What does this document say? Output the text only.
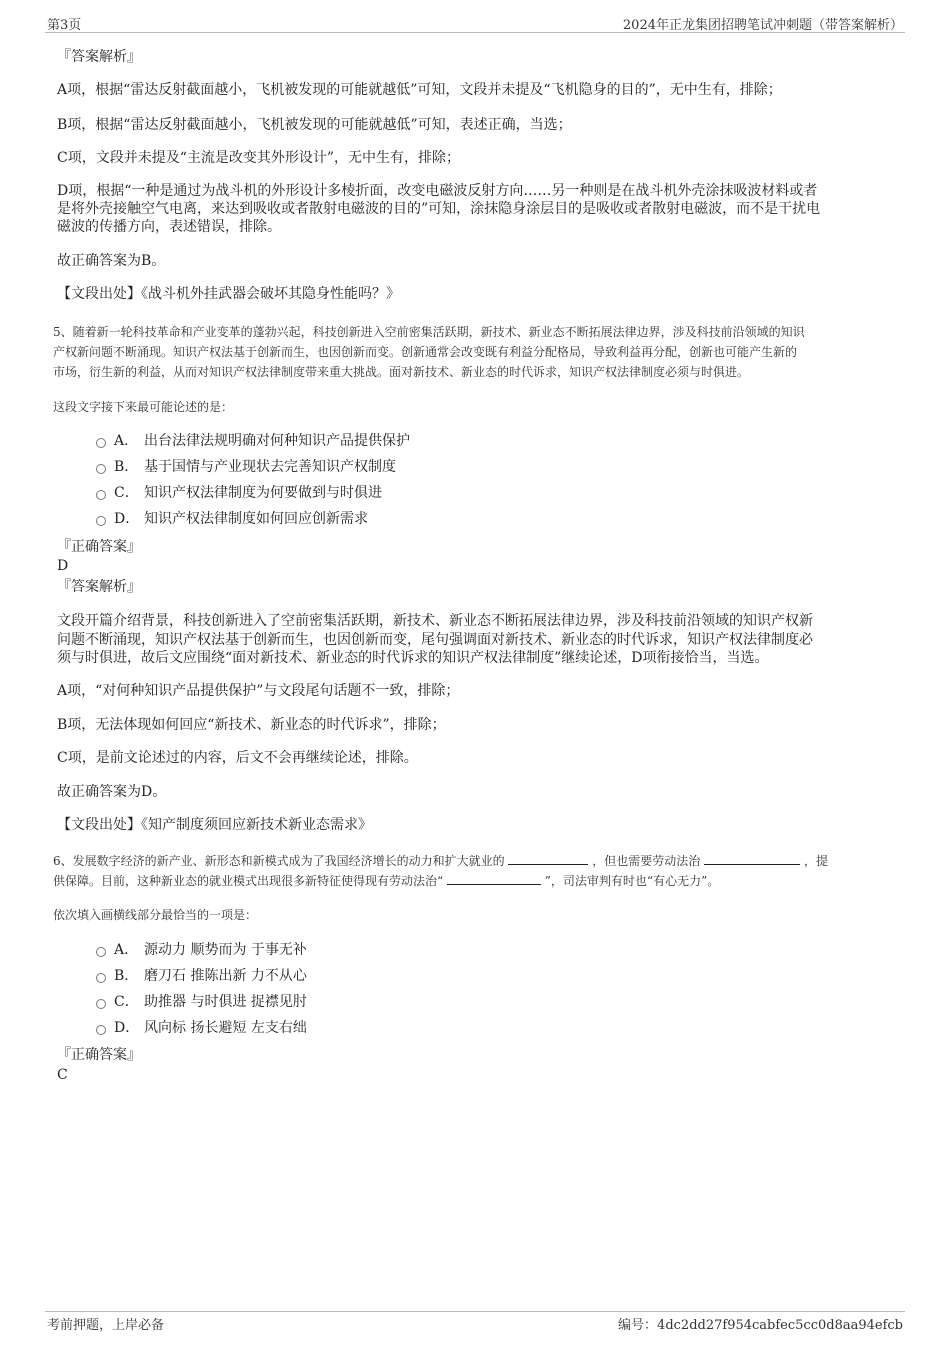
第3页	2024年正龙集团招聘笔试冲刺题（带答案解析）
『答案解析』
A项，根据“雷达反射截面越小，飞机被发现的可能就越低”可知，文段并未提及“飞机隐身的目的”，无中生有，排除；
B项，根据“雷达反射截面越小，飞机被发现的可能就越低”可知，表述正确，当选；
C项，文段并未提及“主流是改变其外形设计”，无中生有，排除；
D项，根据“一种是通过为战斗机的外形设计多棱折面，改变电磁波反射方向……另一种则是在战斗机外壳涂抹吸波材料或者
是将外壳接触空气电离，来达到吸收或者散射电磁波的目的”可知，涂抹隐身涂层目的是吸收或者散射电磁波，而不是干扰电
磁波的传播方向，表述错误，排除。
故正确答案为B。
【文段出处】《战斗机外挂武器会破坏其隐身性能吗？》
5、随着新一轮科技革命和产业变革的蓬勃兴起，科技创新进入空前密集活跃期，新技术、新业态不断拓展法律边界，涉及科技前沿领域的知识
产权新问题不断涌现。知识产权法基于创新而生，也因创新而变。创新通常会改变既有利益分配格局，导致利益再分配，创新也可能产生新的
市场，衍生新的利益，从而对知识产权法律制度带来重大挑战。面对新技术、新业态的时代诉求，知识产权法律制度必须与时俱进。
这段文字接下来最可能论述的是：
A． 出台法律法规明确对何种知识产品提供保护
B． 基于国情与产业现状去完善知识产权制度
C． 知识产权法律制度为何要做到与时俱进
D． 知识产权法律制度如何回应创新需求
『正确答案』
D
『答案解析』
文段开篇介绍背景，科技创新进入了空前密集活跃期，新技术、新业态不断拓展法律边界，涉及科技前沿领域的知识产权新
问题不断涌现，知识产权法基于创新而生，也因创新而变，尾句强调面对新技术、新业态的时代诉求，知识产权法律制度必
须与时俱进，故后文应围绕“面对新技术、新业态的时代诉求的知识产权法律制度”继续论述，D项衔接恰当，当选。
A项，“对何种知识产品提供保护”与文段尾句话题不一致，排除；
B项，无法体现如何回应“新技术、新业态的时代诉求”，排除；
C项，是前文论述过的内容，后文不会再继续论述，排除。
故正确答案为D。
【文段出处】《知产制度须回应新技术新业态需求》
6、发展数字经济的新产业、新形态和新模式成为了我国经济增长的动力和扩大就业的	，但也需要劳动法治	，提
供保障。目前，这种新业态的就业模式出现很多新特征使得现有劳动法治“	”，司法审判有时也“有心无力”。
依次填入画横线部分最恰当的一项是：
A． 源动力 顺势而为 于事无补
B． 磨刀石 推陈出新 力不从心
C． 助推器 与时俱进 捉襟见肘
D． 风向标 扬长避短 左支右绌
『正确答案』
C
考前押题，上岸必备	编号：4dc2dd27f954cabfec5cc0d8aa94efcb
